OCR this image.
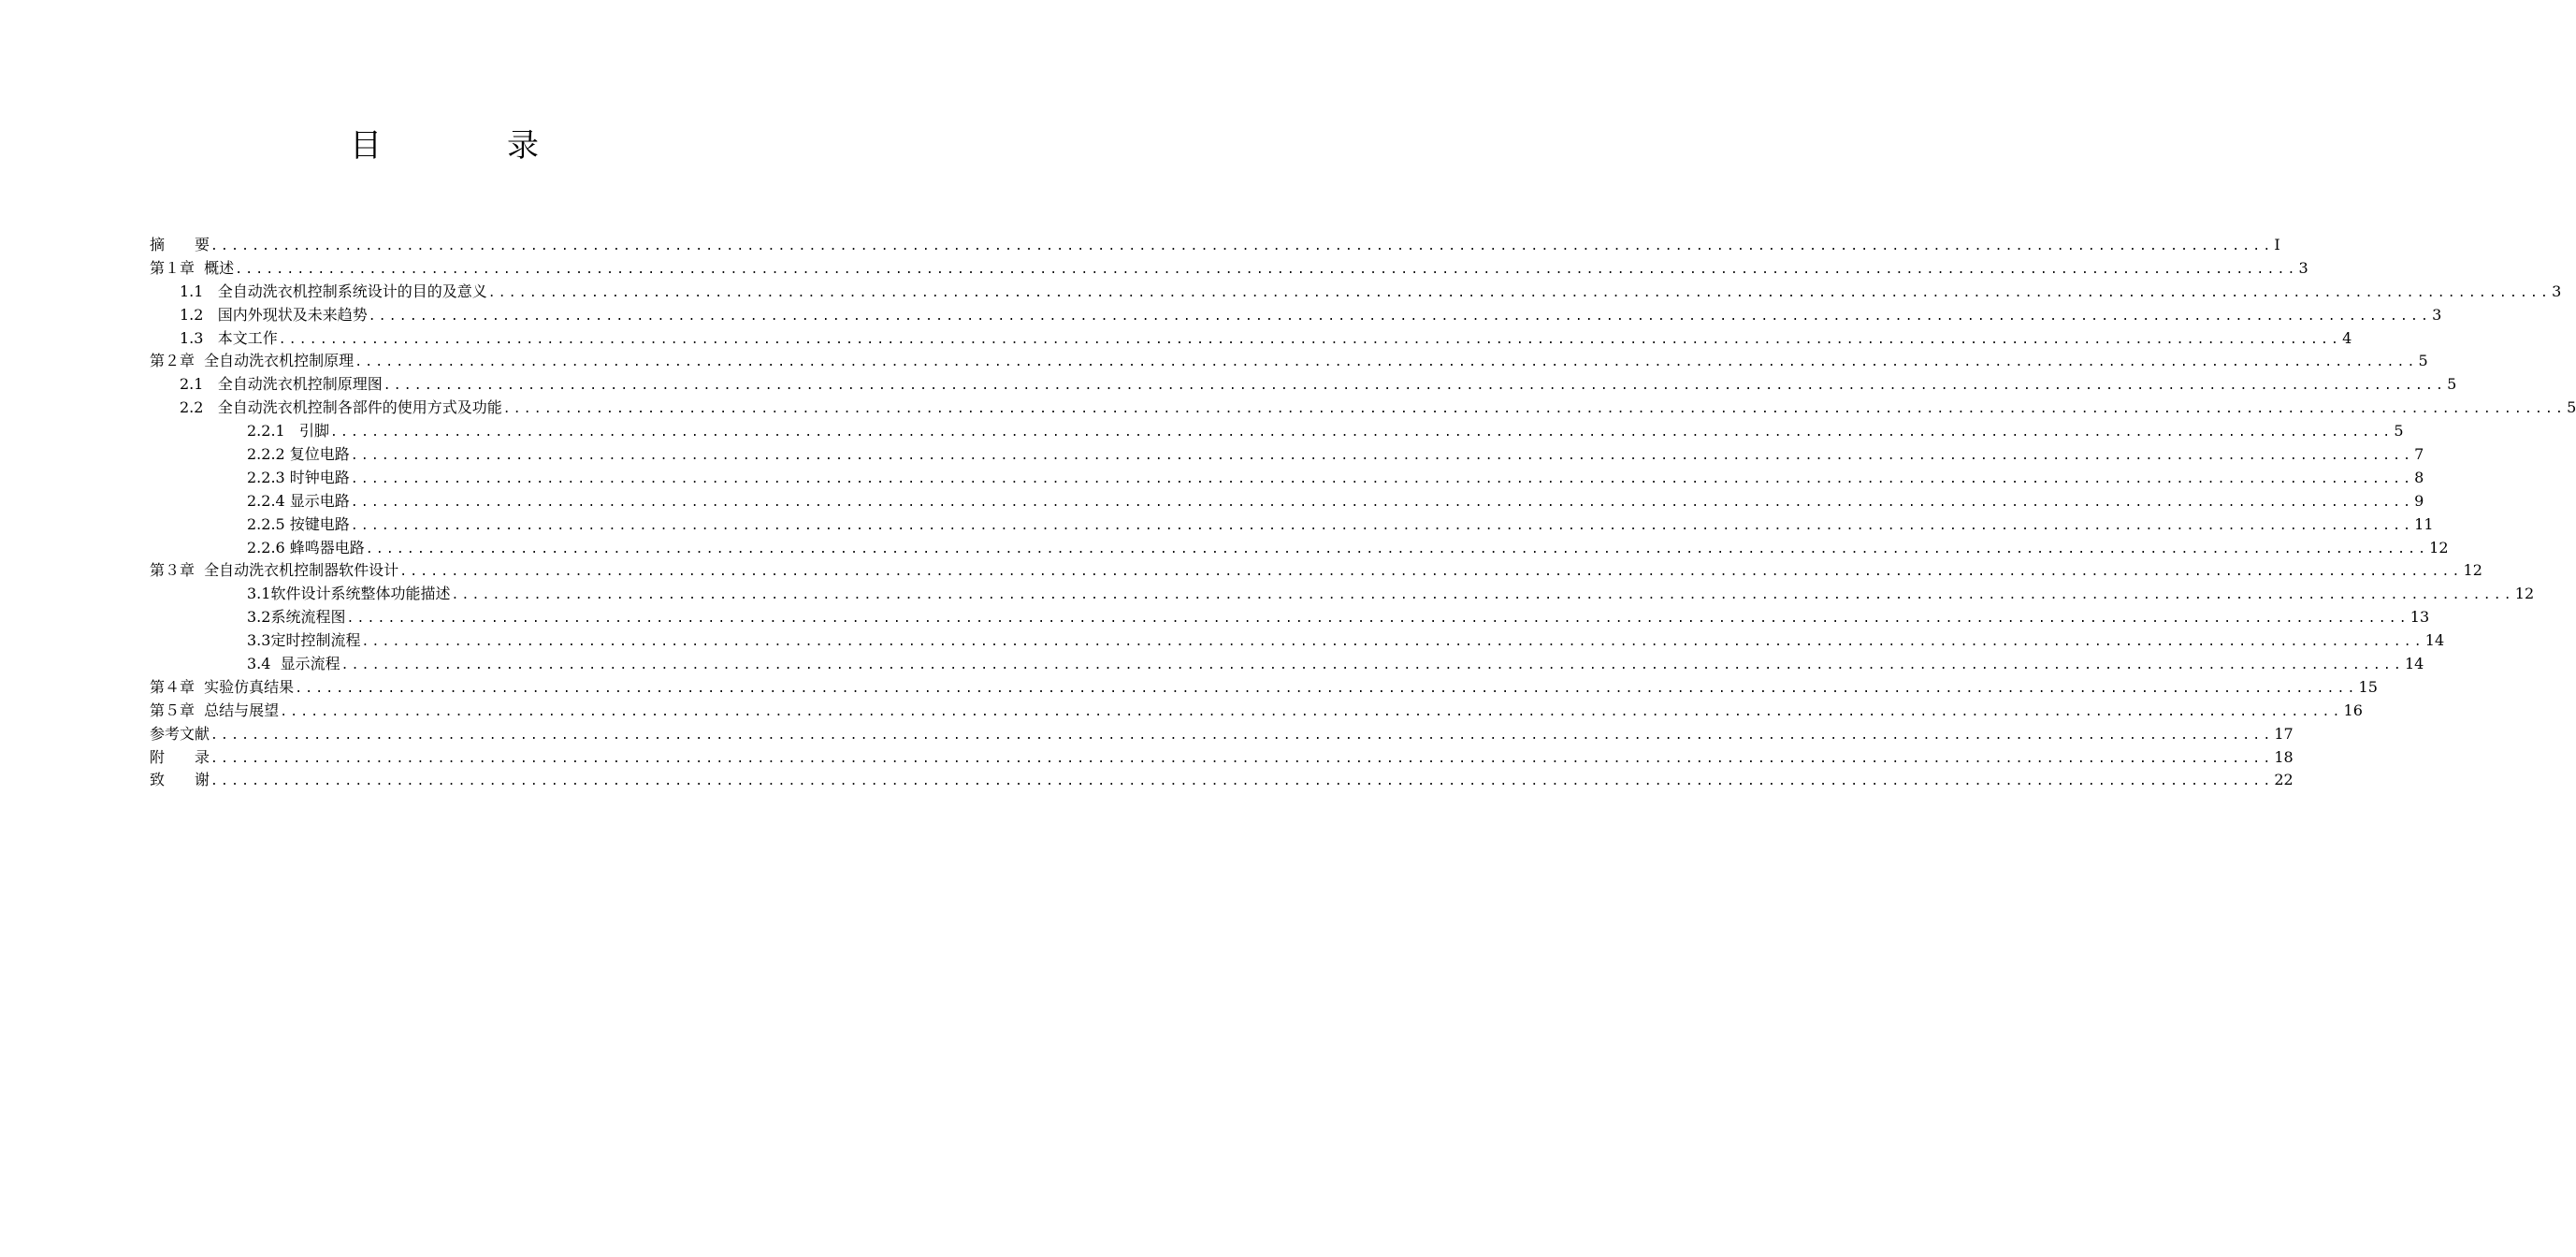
目　录
摘　　要 ........................................................................................................................................................................................................ I
第１章  概述 ........................................................................................................................................................................................................ 3
1.1   全自动洗衣机控制系统设计的目的及意义 ........................................................................................................................................................................................................ 3
1.2   国内外现状及未来趋势 ........................................................................................................................................................................................................ 3
1.3   本文工作 ........................................................................................................................................................................................................ 4
第２章  全自动洗衣机控制原理 ........................................................................................................................................................................................................ 5
2.1   全自动洗衣机控制原理图 ........................................................................................................................................................................................................ 5
2.2   全自动洗衣机控制各部件的使用方式及功能 ........................................................................................................................................................................................................ 5
2.2.1   引脚 ........................................................................................................................................................................................................ 5
2.2.2 复位电路 ........................................................................................................................................................................................................ 7
2.2.3 时钟电路 ........................................................................................................................................................................................................ 8
2.2.4 显示电路 ........................................................................................................................................................................................................ 9
2.2.5 按键电路 ........................................................................................................................................................................................................ 11
2.2.6 蜂鸣器电路 ........................................................................................................................................................................................................ 12
第３章  全自动洗衣机控制器软件设计 ........................................................................................................................................................................................................ 12
3.1软件设计系统整体功能描述 ........................................................................................................................................................................................................ 12
3.2系统流程图 ........................................................................................................................................................................................................ 13
3.3定时控制流程 ........................................................................................................................................................................................................ 14
3.4  显示流程 ........................................................................................................................................................................................................ 14
第４章  实验仿真结果 ........................................................................................................................................................................................................ 15
第５章  总结与展望 ........................................................................................................................................................................................................ 16
参考文献 ........................................................................................................................................................................................................ 17
附　　录 ........................................................................................................................................................................................................ 18
致　　谢 ........................................................................................................................................................................................................ 22
